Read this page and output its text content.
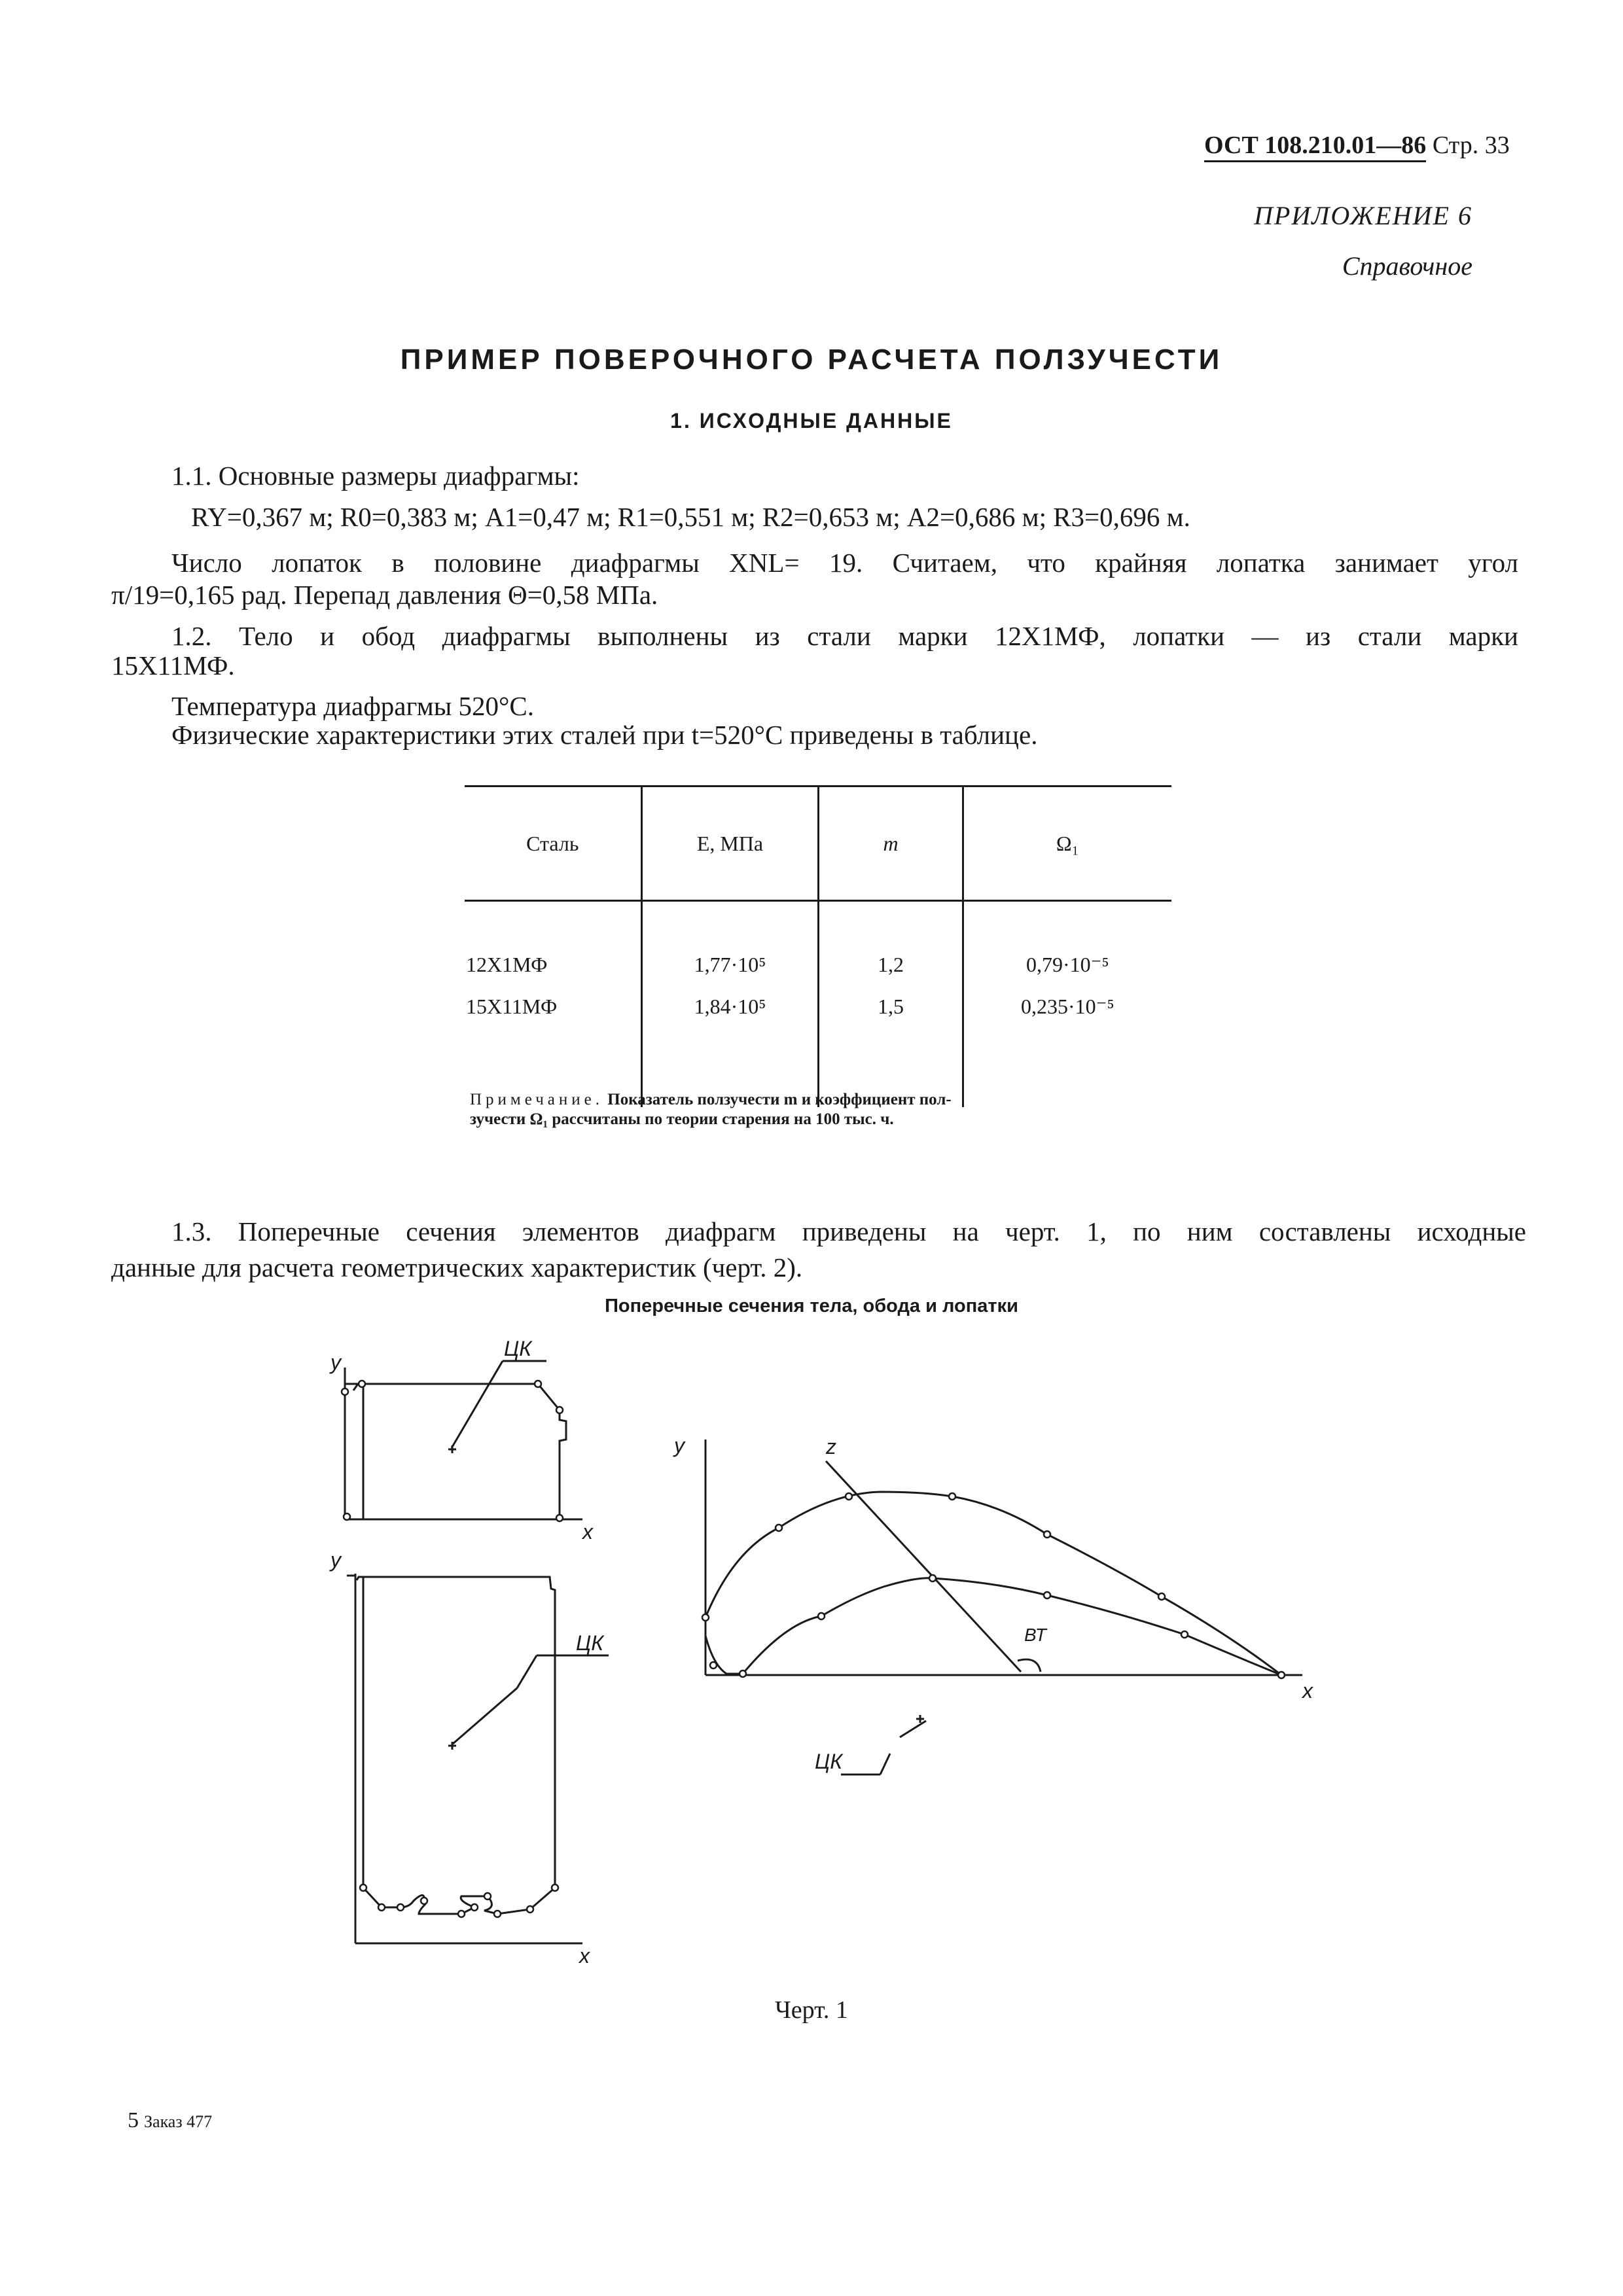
ОСТ 108.210.01—86 Стр. 33
ПРИЛОЖЕНИЕ 6
Справочное
ПРИМЕР ПОВЕРОЧНОГО РАСЧЕТА ПОЛЗУЧЕСТИ
1. ИСХОДНЫЕ ДАННЫЕ
1.1. Основные размеры диафрагмы:
RY=0,367 м; R0=0,383 м; A1=0,47 м; R1=0,551 м; R2=0,653 м; A2=0,686 м; R3=0,696 м.
Число лопаток в половине диафрагмы XNL= 19. Считаем, что крайняя лопатка занимает угол
π/19=0,165 рад. Перепад давления Θ=0,58 МПа.
1.2. Тело и обод диафрагмы выполнены из стали марки 12Х1МФ, лопатки — из стали марки
15Х11МФ.
Температура диафрагмы 520°С.
Физические характеристики этих сталей при t=520°С приведены в таблице.
Сталь	E, МПа	m	Ω₁

12Х1МФ	1,77·10⁵	1,2	0,79·10⁻⁵
15Х11МФ	1,84·10⁵	1,5	0,235·10⁻⁵

Примечание. Показатель ползучести m и коэффициент пол-
зучести Ω₁ рассчитаны по теории старения на 100 тыс. ч.
1.3. Поперечные сечения элементов диафрагм приведены на черт. 1, по ним составлены исходные
данные для расчета геометрических характеристик (черт. 2).
Поперечные сечения тела, обода и лопатки
y
x
ЦК
y
x
ЦК
y
x
z
ВТ
ЦК
Черт. 1
5 Заказ 477
